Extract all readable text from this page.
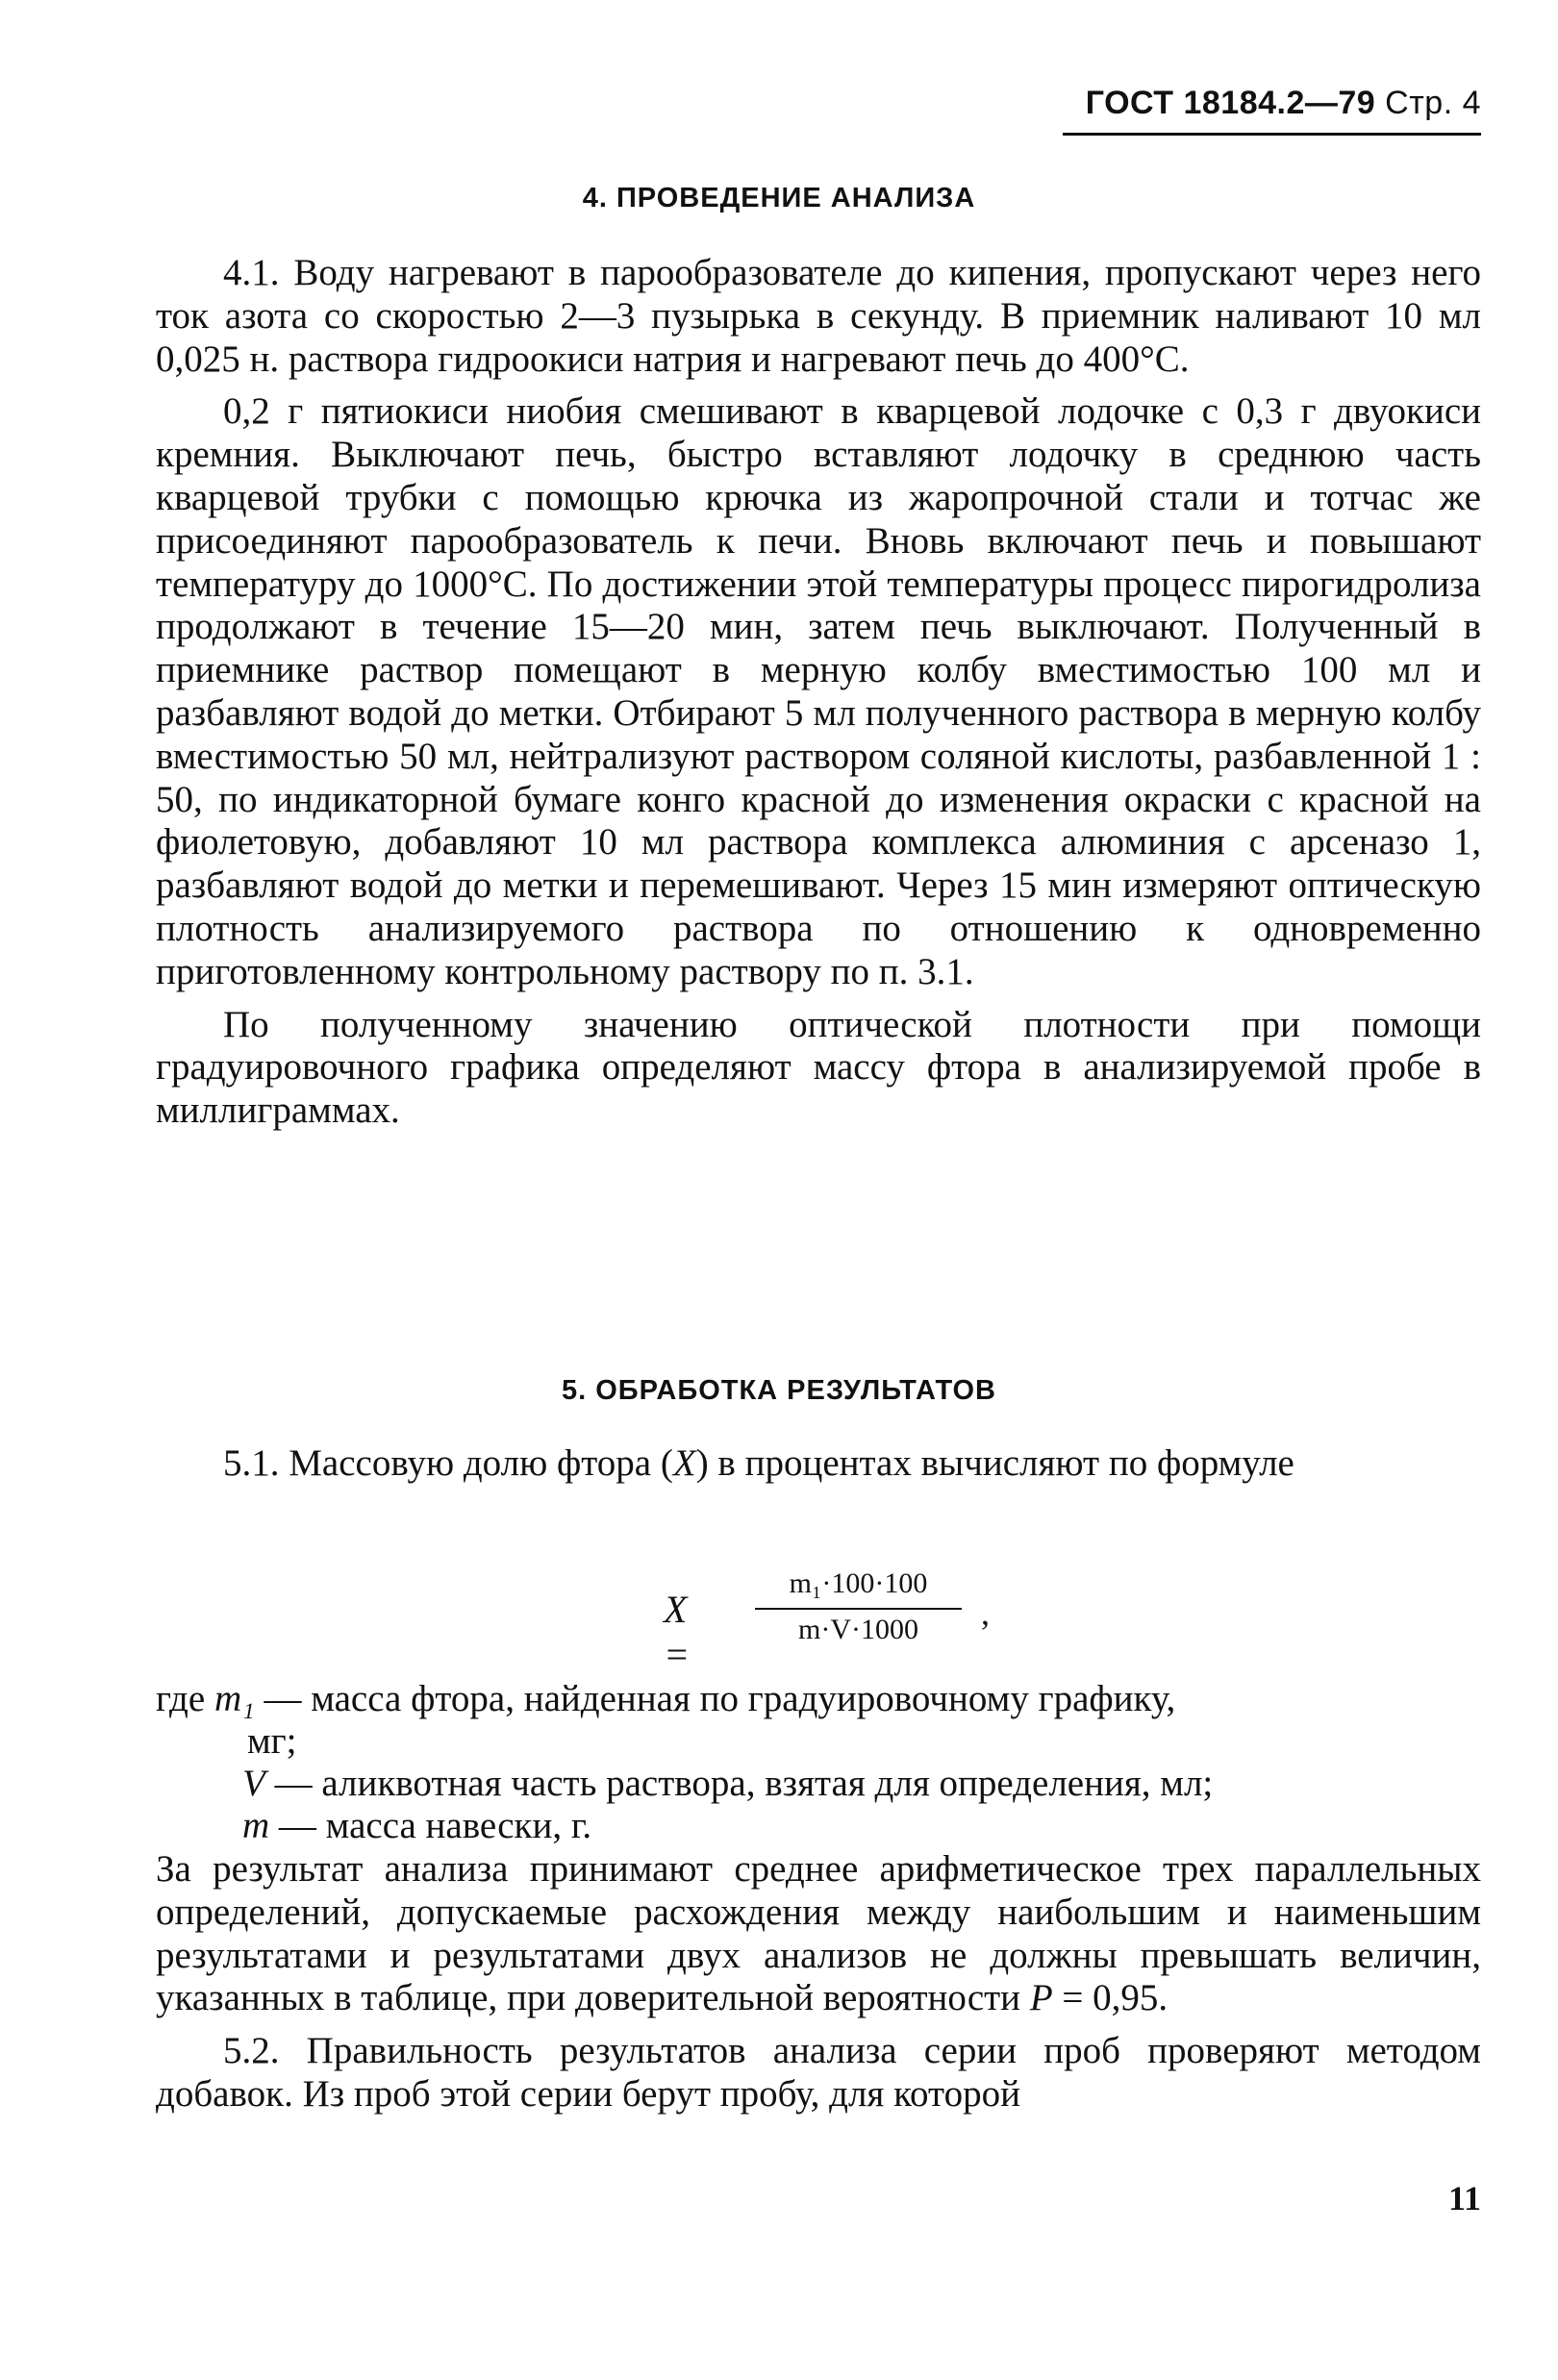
ГОСТ 18184.2—79 Стр. 4
4. ПРОВЕДЕНИЕ АНАЛИЗА

4.1. Воду нагревают в парообразователе до кипения, пропускают через него ток азота со скоростью 2—3 пузырька в секунду. В приемник наливают 10 мл 0,025 н. раствора гидроокиси натрия и нагревают печь до 400°С.

0,2 г пятиокиси ниобия смешивают в кварцевой лодочке с 0,3 г двуокиси кремния. Выключают печь, быстро вставляют лодочку в среднюю часть кварцевой трубки с помощью крючка из жаропрочной стали и тотчас же присоединяют парообразователь к печи. Вновь включают печь и повышают температуру до 1000°С. По достижении этой температуры процесс пирогидролиза продолжают в течение 15—20 мин, затем печь выключают. Полученный в приемнике раствор помещают в мерную колбу вместимостью 100 мл и разбавляют водой до метки. Отбирают 5 мл полученного раствора в мерную колбу вместимостью 50 мл, нейтрализуют раствором соляной кислоты, разбавленной 1 : 50, по индикаторной бумаге конго красной до изменения окраски с красной на фиолетовую, добавляют 10 мл раствора комплекса алюминия с арсеназо 1, разбавляют водой до метки и перемешивают. Через 15 мин измеряют оптическую плотность анализируемого раствора по отношению к одновременно приготовленному контрольному раствору по п. 3.1.

По полученному значению оптической плотности при помощи градуировочного графика определяют массу фтора в анализируемой пробе в миллиграммах.

5. ОБРАБОТКА РЕЗУЛЬТАТОВ

5.1. Массовую долю фтора (X) в процентах вычисляют по формуле

X =
m₁·100·100
m·V·1000	,
где m₁ — масса фтора, найденная по градуировочному графику,
мг;
V — аликвотная часть раствора, взятая для определения, мл;
m — масса навески, г.

За результат анализа принимают среднее арифметическое трех параллельных определений, допускаемые расхождения между наибольшим и наименьшим результатами и результатами двух анализов не должны превышать величин, указанных в таблице, при доверительной вероятности P = 0,95.

5.2. Правильность результатов анализа серии проб проверяют методом добавок. Из проб этой серии берут пробу, для которой

11
